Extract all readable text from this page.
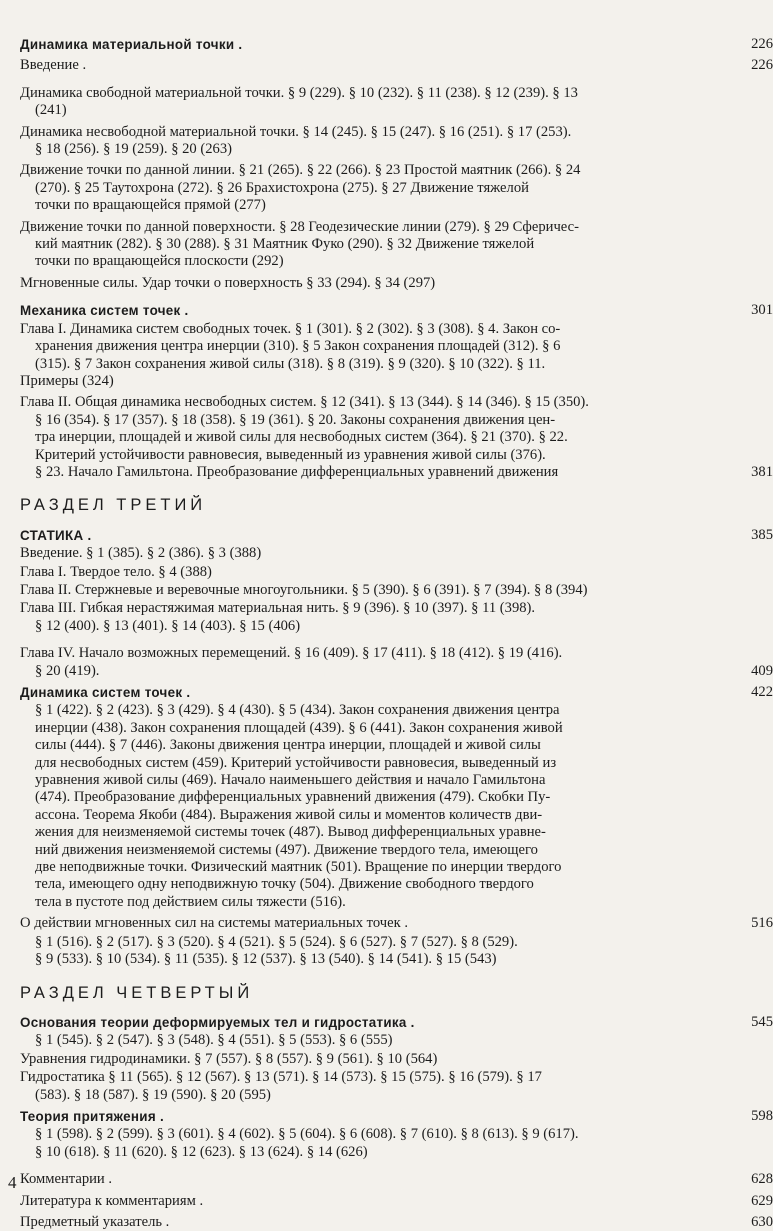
Динамика материальной точки .	226
Введение .	226
Динамика свободной материальной точки. § 9 (229). § 10 (232). § 11 (238). § 12 (239). § 13
(241)
Динамика несвободной материальной точки. § 14 (245). § 15 (247). § 16 (251). § 17 (253).
§ 18 (256). § 19 (259). § 20 (263)
Движение точки по данной линии. § 21 (265). § 22 (266). § 23 Простой маятник (266). § 24
(270). § 25 Таутохрона (272). § 26 Брахистохрона (275). § 27 Движение тяжелой
точки по вращающейся прямой (277)
Движение точки по данной поверхности. § 28 Геодезические линии (279). § 29 Сферичес-
кий маятник (282). § 30 (288). § 31 Маятник Фуко (290). § 32 Движение тяжелой
точки по вращающейся плоскости (292)
Мгновенные силы. Удар точки о поверхность § 33 (294). § 34 (297)
Механика систем точек .	301
Глава I. Динамика систем свободных точек. § 1 (301). § 2 (302). § 3 (308). § 4. Закон со-
хранения движения центра инерции (310). § 5 Закон сохранения площадей (312). § 6
(315). § 7 Закон сохранения живой силы (318). § 8 (319). § 9 (320). § 10 (322). § 11.
Примеры (324)
Глава II. Общая динамика несвободных систем. § 12 (341). § 13 (344). § 14 (346). § 15 (350).
§ 16 (354). § 17 (357). § 18 (358). § 19 (361). § 20. Законы сохранения движения цен-
тра инерции, площадей и живой силы для несвободных систем (364). § 21 (370). § 22.
Критерий устойчивости равновесия, выведенный из уравнения живой силы (376).
§ 23. Начало Гамильтона. Преобразование дифференциальных уравнений движения	381
РАЗДЕЛ ТРЕТИЙ
СТАТИКА .	385
Введение. § 1 (385). § 2 (386). § 3 (388)
Глава I. Твердое тело. § 4 (388)
Глава II. Стержневые и веревочные многоугольники. § 5 (390). § 6 (391). § 7 (394). § 8 (394)
Глава III. Гибкая нерастяжимая материальная нить. § 9 (396). § 10 (397). § 11 (398).
§ 12 (400). § 13 (401). § 14 (403). § 15 (406)
Глава IV. Начало возможных перемещений. § 16 (409). § 17 (411). § 18 (412). § 19 (416).
§ 20 (419).	409
Динамика систем точек .	422
§ 1 (422). § 2 (423). § 3 (429). § 4 (430). § 5 (434). Закон сохранения движения центра
инерции (438). Закон сохранения площадей (439). § 6 (441). Закон сохранения живой
силы (444). § 7 (446). Законы движения центра инерции, площадей и живой силы
для несвободных систем (459). Критерий устойчивости равновесия, выведенный из
уравнения живой силы (469). Начало наименьшего действия и начало Гамильтона
(474). Преобразование дифференциальных уравнений движения (479). Скобки Пу-
ассона. Теорема Якоби (484). Выражения живой силы и моментов количеств дви-
жения для неизменяемой системы точек (487). Вывод дифференциальных уравне-
ний движения неизменяемой системы (497). Движение твердого тела, имеющего
две неподвижные точки. Физический маятник (501). Вращение по инерции твердого
тела, имеющего одну неподвижную точку (504). Движение свободного твердого
тела в пустоте под действием силы тяжести (516).
О действии мгновенных сил на системы материальных точек .	516
§ 1 (516). § 2 (517). § 3 (520). § 4 (521). § 5 (524). § 6 (527). § 7 (527). § 8 (529).
§ 9 (533). § 10 (534). § 11 (535). § 12 (537). § 13 (540). § 14 (541). § 15 (543)
РАЗДЕЛ ЧЕТВЕРТЫЙ
Основания теории деформируемых тел и гидростатика .	545
§ 1 (545). § 2 (547). § 3 (548). § 4 (551). § 5 (553). § 6 (555)
Уравнения гидродинамики. § 7 (557). § 8 (557). § 9 (561). § 10 (564)
Гидростатика § 11 (565). § 12 (567). § 13 (571). § 14 (573). § 15 (575). § 16 (579). § 17
(583). § 18 (587). § 19 (590). § 20 (595)
Теория притяжения .	598
§ 1 (598). § 2 (599). § 3 (601). § 4 (602). § 5 (604). § 6 (608). § 7 (610). § 8 (613). § 9 (617).
§ 10 (618). § 11 (620). § 12 (623). § 13 (624). § 14 (626)
Комментарии .	628
Литература к комментариям .	629
Предметный указатель .	630
4
